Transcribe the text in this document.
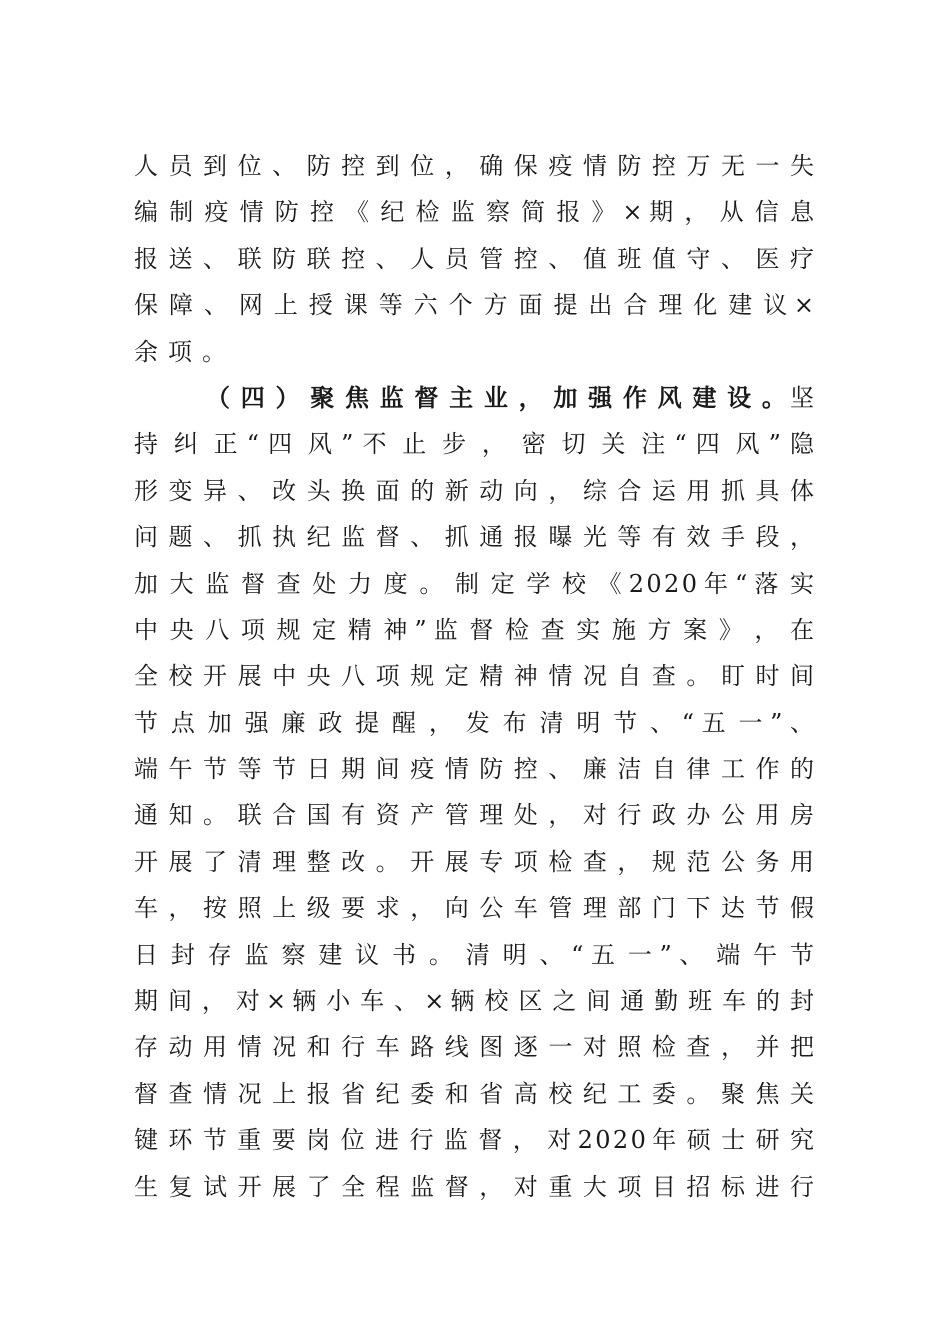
人 员 到 位 、 防 控 到 位 ， 确 保 疫 情 防 控 万 无 一 失
编 制 疫 情 防 控 《 纪 检 监 察 简 报 》 × 期 ， 从 信 息
报 送 、 联 防 联 控 、 人 员 管 控 、 值 班 值 守 、 医 疗
保 障 、 网 上 授 课 等 六 个 方 面 提 出 合 理 化 建 议 ×
余项。
（ 四 ） 聚 焦 监 督 主 业 ， 加 强 作 风 建 设 。坚
持 纠 正 “ 四 风 ” 不 止 步 ， 密 切 关 注 “ 四 风 ” 隐
形 变 异 、 改 头 换 面 的 新 动 向 ， 综 合 运 用 抓 具 体
问 题 、 抓 执 纪 监 督 、 抓 通 报 曝 光 等 有 效 手 段 ，
加 大 监 督 查 处 力 度 。 制 定 学 校 《 2 0 2 0 年 “ 落 实
中 央 八 项 规 定 精 神 ” 监 督 检 查 实 施 方 案 》 ， 在
全 校 开 展 中 央 八 项 规 定 精 神 情 况 自 查 。 盯 时 间
节 点 加 强 廉 政 提 醒 ， 发 布 清 明 节 、 “ 五 一 ” 、
端 午 节 等 节 日 期 间 疫 情 防 控 、 廉 洁 自 律 工 作 的
通 知 。 联 合 国 有 资 产 管 理 处 ， 对 行 政 办 公 用 房
开 展 了 清 理 整 改 。 开 展 专 项 检 查 ， 规 范 公 务 用
车 ， 按 照 上 级 要 求 ， 向 公 车 管 理 部 门 下 达 节 假
日 封 存 监 察 建 议 书 。 清 明 、 “ 五 一 ” 、 端 午 节
期 间 ， 对 × 辆 小 车 、 × 辆 校 区 之 间 通 勤 班 车 的 封
存 动 用 情 况 和 行 车 路 线 图 逐 一 对 照 检 查 ， 并 把
督 查 情 况 上 报 省 纪 委 和 省 高 校 纪 工 委 。 聚 焦 关
键 环 节 重 要 岗 位 进 行 监 督 ， 对 2 0 2 0 年 硕 士 研 究
生 复 试 开 展 了 全 程 监 督 ， 对 重 大 项 目 招 标 进 行
